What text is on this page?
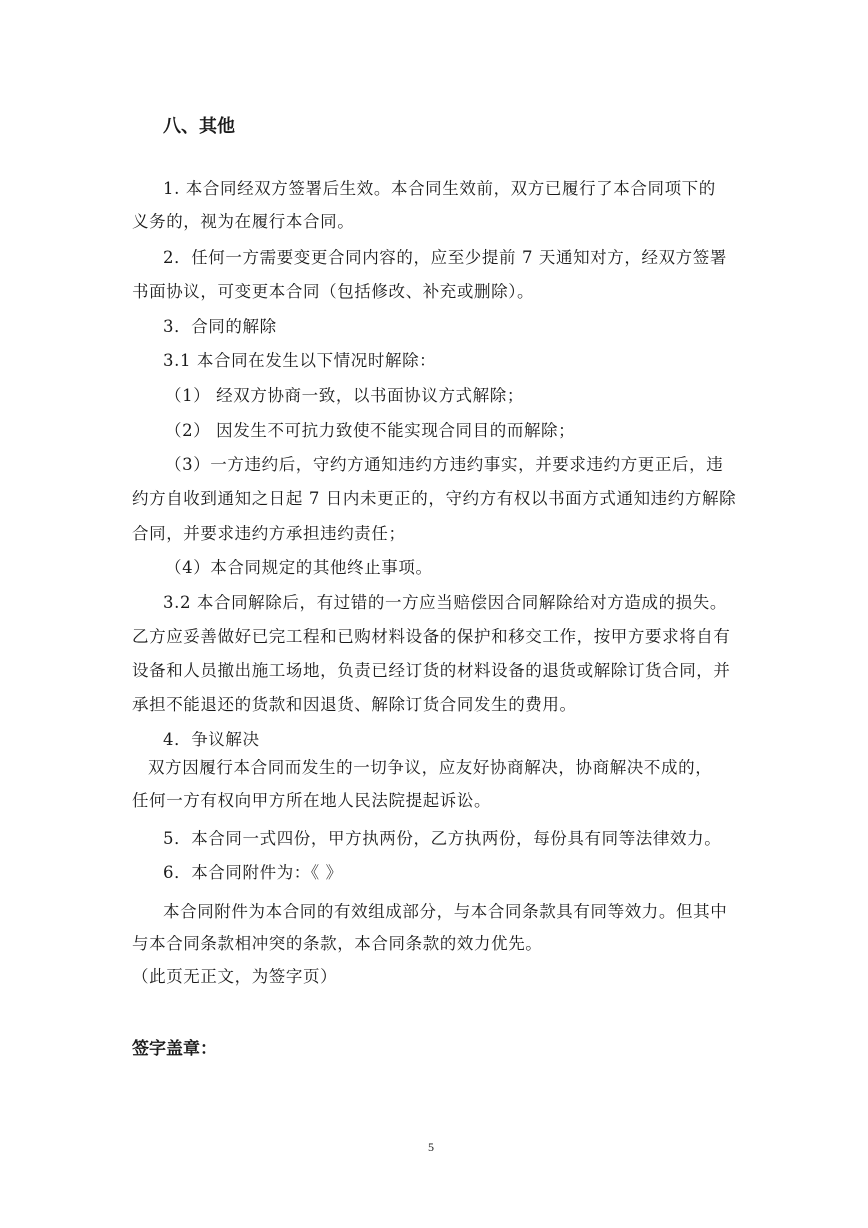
八、其他
1. 本合同经双方签署后生效。本合同生效前，双方已履行了本合同项下的
义务的，视为在履行本合同。
2．任何一方需要变更合同内容的，应至少提前 7 天通知对方，经双方签署
书面协议，可变更本合同（包括修改、补充或删除）。
3．合同的解除
3.1 本合同在发生以下情况时解除：
（1） 经双方协商一致，以书面协议方式解除；
（2） 因发生不可抗力致使不能实现合同目的而解除；
（3）一方违约后，守约方通知违约方违约事实，并要求违约方更正后，违
约方自收到通知之日起 7 日内未更正的，守约方有权以书面方式通知违约方解除
合同，并要求违约方承担违约责任；
（4）本合同规定的其他终止事项。
3.2 本合同解除后，有过错的一方应当赔偿因合同解除给对方造成的损失。
乙方应妥善做好已完工程和已购材料设备的保护和移交工作，按甲方要求将自有
设备和人员撤出施工场地，负责已经订货的材料设备的退货或解除订货合同，并
承担不能退还的货款和因退货、解除订货合同发生的费用。
4．争议解决
双方因履行本合同而发生的一切争议，应友好协商解决，协商解决不成的，
任何一方有权向甲方所在地人民法院提起诉讼。
5．本合同一式四份，甲方执两份，乙方执两份，每份具有同等法律效力。
6．本合同附件为：《 》
本合同附件为本合同的有效组成部分，与本合同条款具有同等效力。但其中
与本合同条款相冲突的条款，本合同条款的效力优先。
（此页无正文，为签字页）
签字盖章：
5
